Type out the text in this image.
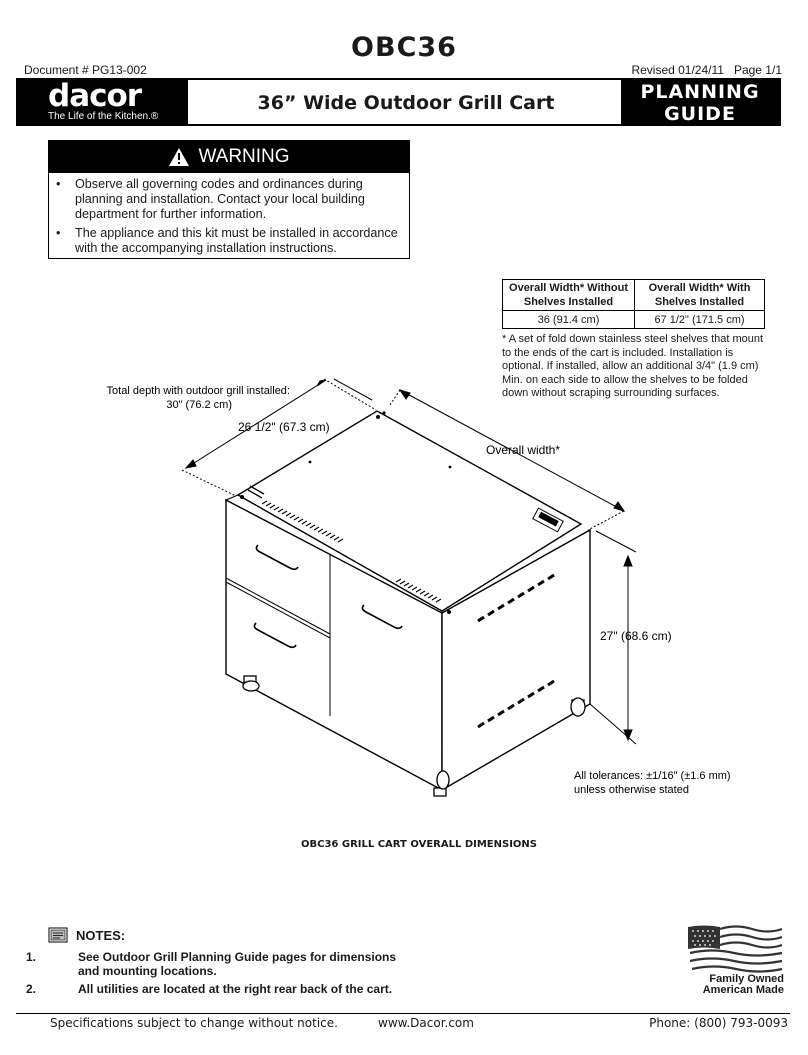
OBC36
Document # PG13-002	Revised 01/24/11   Page 1/1
dacor
The Life of the Kitchen.®
36” Wide Outdoor Grill Cart	PLANNING
GUIDE
WARNING
• Observe all governing codes and ordinances during planning and installation. Contact your local building department for further information.
• The appliance and this kit must be installed in accordance with the accompanying installation instructions.
Overall Width* Without Shelves Installed	Overall Width* With Shelves Installed
36 (91.4 cm)	67 1/2" (171.5 cm)
* A set of fold down stainless steel shelves that mount to the ends of the cart is included. Installation is optional. If installed, allow an additional 3/4" (1.9 cm) Min. on each side to allow the shelves to be folded down without scraping surrounding surfaces.
Total depth with outdoor grill installed:
30" (76.2 cm)
26 1/2" (67.3 cm)
Overall width*
27" (68.6 cm)
All tolerances: ±1/16" (±1.6 mm)
unless otherwise stated
OBC36 GRILL CART OVERALL DIMENSIONS
NOTES:
1.	See Outdoor Grill Planning Guide pages for dimensions
and mounting locations.
2.	All utilities are located at the right rear back of the cart.
Family Owned
American Made
Specifications subject to change without notice.	www.Dacor.com	Phone: (800) 793-0093
